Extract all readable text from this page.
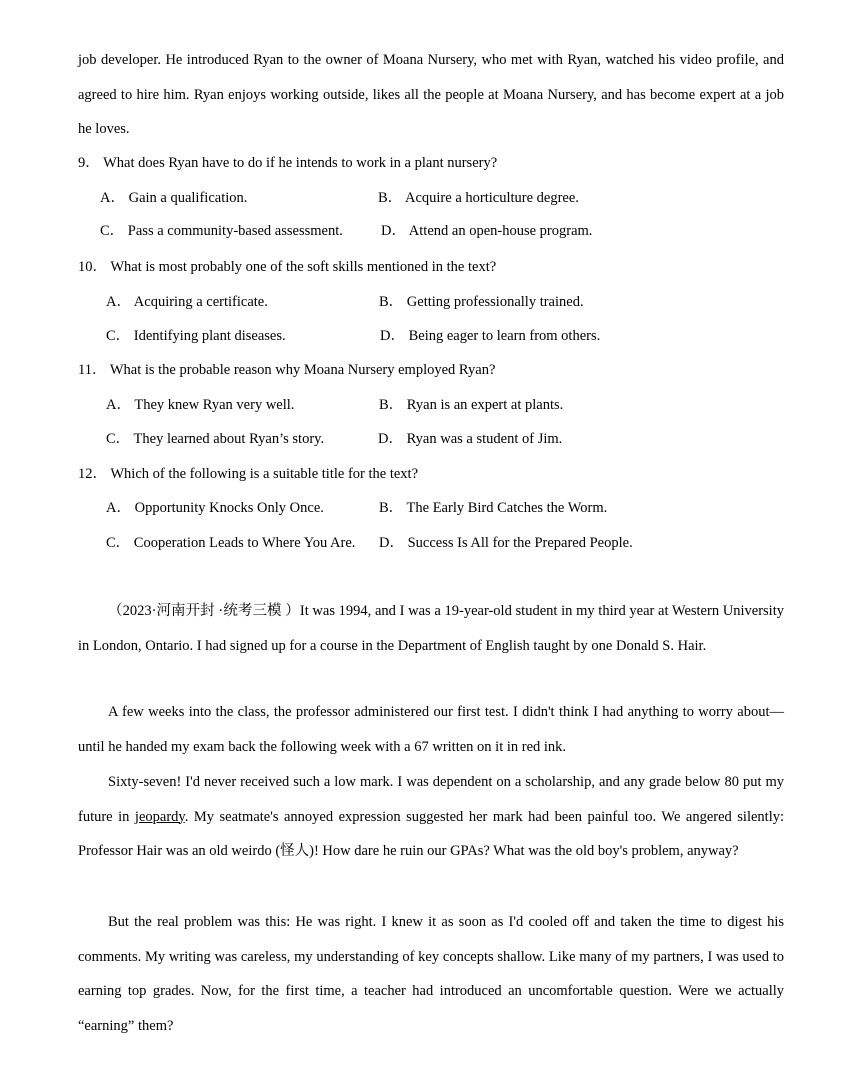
job developer. He introduced Ryan to the owner of Moana Nursery, who met with Ryan, watched his video profile, and agreed to hire him. Ryan enjoys working outside, likes all the people at Moana Nursery, and has become expert at a job he loves.

9． What does Ryan have to do if he intends to work in a plant nursery?
A． Gain a qualification.	B． Acquire a horticulture degree.
C． Pass a community-based assessment.	D． Attend an open-house program.
10． What is most probably one of the soft skills mentioned in the text?
A． Acquiring a certificate.	B． Getting professionally trained.
C． Identifying plant diseases.	D． Being eager to learn from others.
11． What is the probable reason why Moana Nursery employed Ryan?
A． They knew Ryan very well.	B． Ryan is an expert at plants.
C． They learned about Ryan’s story.	D． Ryan was a student of Jim.
12． Which of the following is a suitable title for the text?
A． Opportunity Knocks Only Once.	B． The Early Bird Catches the Worm.
C． Cooperation Leads to Where You Are. D． Success Is All for the Prepared People.

（2023·河南开封 ·统考三模 ）It was 1994, and I was a 19-year-old student in my third year at Western University in London, Ontario. I had signed up for a course in the Department of English taught by one Donald S. Hair.

A few weeks into the class, the professor administered our first test. I didn't think I had anything to worry about—until he handed my exam back the following week with a 67 written on it in red ink.

Sixty-seven! I'd never received such a low mark. I was dependent on a scholarship, and any grade below 80 put my future in jeopardy. My seatmate's annoyed expression suggested her mark had been painful too. We angered silently: Professor Hair was an old weirdo (怪人)! How dare he ruin our GPAs? What was the old boy's problem, anyway?

But the real problem was this: He was right. I knew it as soon as I'd cooled off and taken the time to digest his comments. My writing was careless, my understanding of key concepts shallow. Like many of my partners, I was used to earning top grades. Now, for the first time, a teacher had introduced an uncomfortable question. Were we actually “earning” them?
